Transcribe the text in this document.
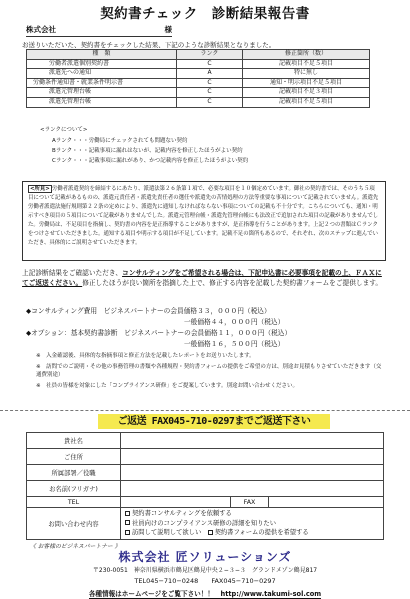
契約書チェック　診断結果報告書
株式会社	様
お送りいただいた、契約書をチェックした結果、下記のような診断結果となりました。
種　類	ランク	修正箇所（数）
労働者派遣個別契約書	C	記載項目不足５項目
派遣先への通知	A	特に無し
労働条件通知書・就業条件明示書	C	通知・明示項目不足５項目
派遣元管理台帳	C	記載項目不足３項目
派遣先管理台帳	C	記載項目不足５項目
<ランクについて>
Aランク・・・労働局にチェックされても問題ない契約
Bランク・・・記載事項に漏れはないが、記載内容を修正したほうがよい契約
Cランク・・・記載事項に漏れがあり、かつ記載内容を修正したほうがよい契約
<所見> 労働者派遣契約を締結するにあたり、派遣法第２６条第１項で、必要な項目を１０個定めています。御社の契約書では、そのうち５項目について記載があるものの、派遣元責任者・派遣先責任者の選任や派遣先の苦情処理の方法等重要な事項について記載されていません。派遣先労働者派遣法施行規則第２２条の定めにより、派遣先に通知しなければならない事項についての記載も不十分です。こちらについても、通知・明示すべき項目の５項目について記載がありませんでした。派遣元管理台帳・派遣先管理台帳にも法改正で追加された項目の記載がありませんでした。労働局は、不足項目を指摘し、契約書の内容を是正指導することがありますが、是正指導を行うことがあります。上記２つの書類はＣランクをつけさせていただきました。通知する項目や明示する項目が不足しています。記載不足の箇所もあるので、それぞれ、次のステップに進んでいただき、具体的にご説明させていただきます。
上記診断結果をご確認いただき、コンサルティングをご希望される場合は、下記申込書に必要事項を記載の上、ＦＡＸにてご返送ください。修正したほうが良い箇所を指摘した上で、修正する内容を記載した契約書フォームをご提供します。
◆コンサルティング費用　ビジネスパートナーの会員価格３３，０００円（税込）
一般価格４４，０００円（税込）
◆オプション：基本契約書診断　ビジネスパートナーの会員価格１１，０００円（税込）
一般価格１６，５００円（税込）
※　入金確認後、具体的な指摘事項と修正方法を記載したレポートをお送りいたします。
※　訪問でのご説明・その他の事務管理の書類や各種規程・契約書フォームの提供をご希望の方は、別途お見積もりさせていただきます（交通費別途）
※　社員の皆様を対象にした「コンプライアンス研修」をご提案しています。別途お問い合わせください。
ご返送 FAX045-710-0297までご返送下さい
貴社名			
ご住所			
所属部署／役職			
お名前(フリガナ)			
TEL		FAX	
お問い合わせ内容	契約書コンサルティングを依頼する
社員向けのコンプライアンス研修の詳細を知りたい
訪問して説明して欲しい　 契約書フォームの提供を希望する		
《 お客様のビジネスパートナー 》
株式会社 匠ソリューションズ
〒230-0051　神奈川県横浜市鶴見区鶴見中央２−３−３　グランドメゾン鶴見817
TEL045−710−0248　　FAX045−710−0297
各種情報はホームページをご覧下さい！！　http://www.takumi-sol.com
